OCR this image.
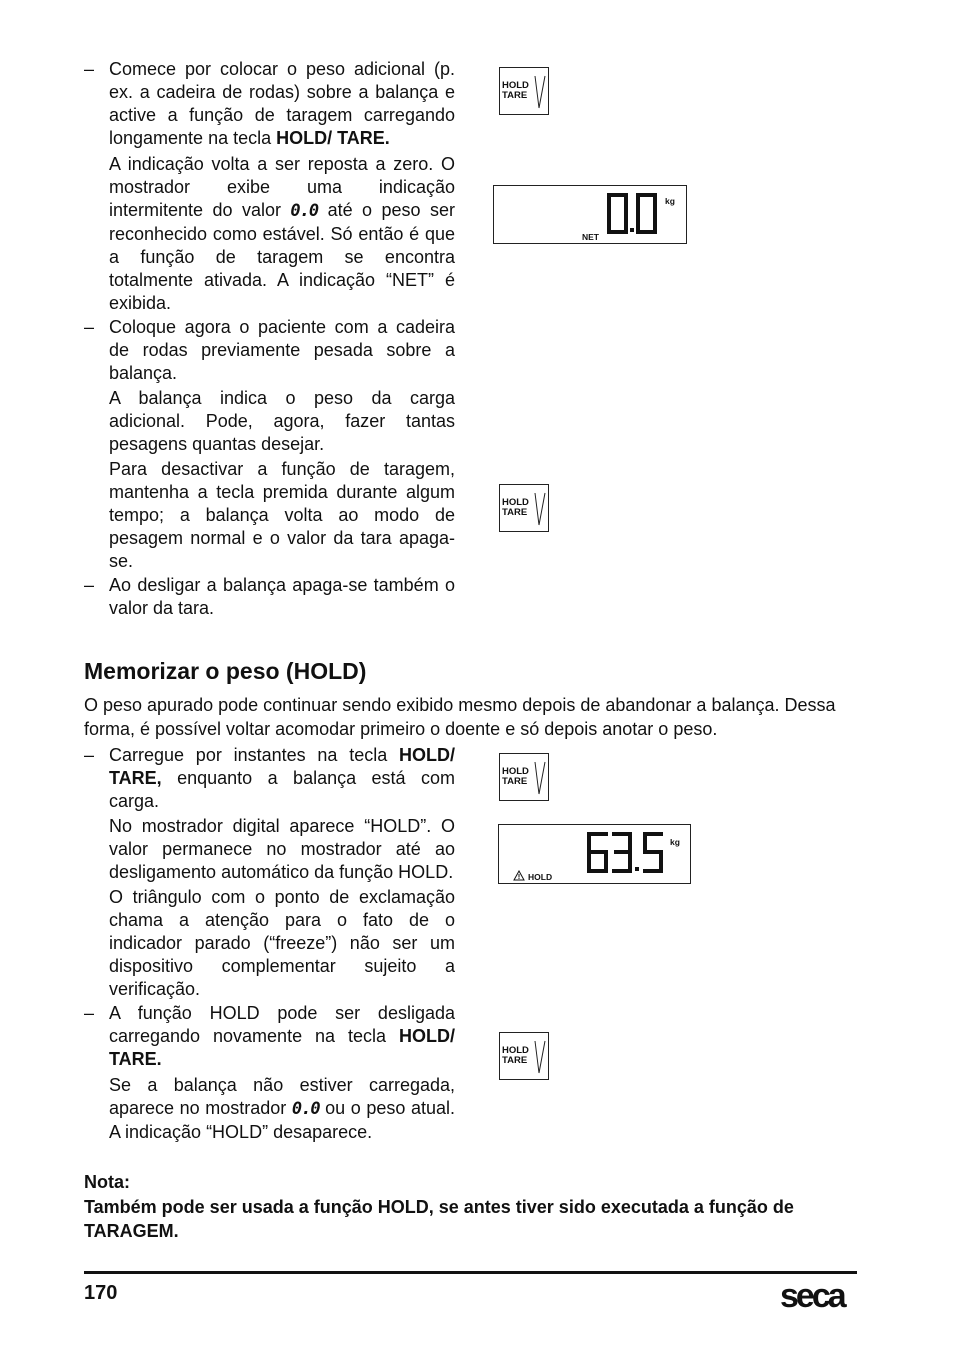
– Comece por colocar o peso adicional (p. ex. a cadeira de rodas) sobre a balança e active a função de taragem carregando longamente na tecla HOLD/ TARE.

A indicação volta a ser reposta a zero. O mostrador exibe uma indicação intermitente do valor 0.0 até o peso ser reconhecido como estável. Só então é que a função de taragem se encontra totalmente ativada. A indicação “NET” é exibida.

– Coloque agora o paciente com a cadeira de rodas previamente pesada sobre a balança.

A balança indica o peso da carga adicional. Pode, agora, fazer tantas pesagens quantas desejar.

Para desactivar a função de taragem, mantenha a tecla premida durante algum tempo; a balança volta ao modo de pesagem normal e o valor da tara apaga-se.

– Ao desligar a balança apaga-se também o valor da tara.

HOLD
TARE
kg
NET
HOLD
TARE
Memorizar o peso (HOLD)
O peso apurado pode continuar sendo exibido mesmo depois de abandonar a balança. Dessa forma, é possível voltar acomodar primeiro o doente e só depois anotar o peso.
– Carregue por instantes na tecla HOLD/ TARE, enquanto a balança está com carga.

No mostrador digital aparece “HOLD”. O valor permanece no mostrador até ao desligamento automático da função HOLD.

O triângulo com o ponto de exclamação chama a atenção para o fato de o indicador parado (“freeze”) não ser um dispositivo complementar sujeito a verificação.

– A função HOLD pode ser desligada carregando novamente na tecla HOLD/ TARE.

Se a balança não estiver carregada, aparece no mostrador 0.0 ou o peso atual. A indicação “HOLD” desaparece.

HOLD
TARE
kg
HOLD
HOLD
TARE
Nota:
Também pode ser usada a função HOLD, se antes tiver sido executada a função de TARAGEM.
170	seca
